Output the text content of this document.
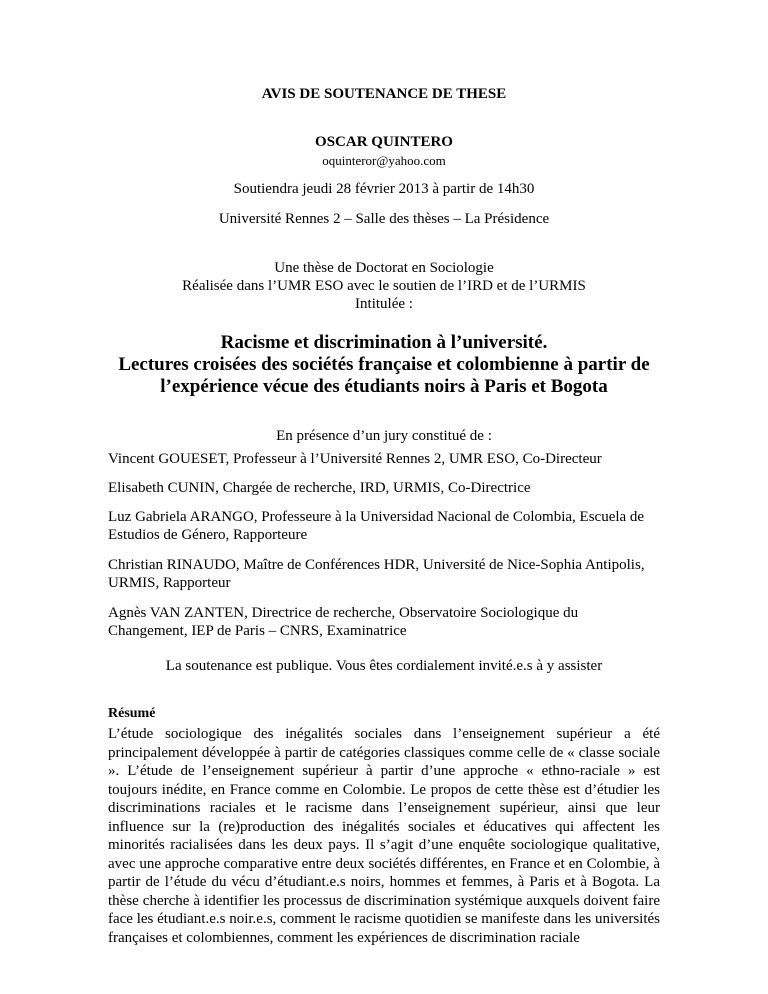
AVIS DE SOUTENANCE DE THESE
OSCAR QUINTERO
oquinteror@yahoo.com
Soutiendra jeudi 28 février 2013 à partir de 14h30
Université Rennes 2 – Salle des thèses – La Présidence
Une thèse de Doctorat en Sociologie
Réalisée dans l’UMR ESO avec le soutien de l’IRD et de l’URMIS
Intitulée :
Racisme et discrimination à l’université.
Lectures croisées des sociétés française et colombienne à partir de
l’expérience vécue des étudiants noirs à Paris et Bogota
En présence d’un jury constitué de :
Vincent GOUESET, Professeur à l’Université Rennes 2, UMR ESO, Co-Directeur
Elisabeth CUNIN, Chargée de recherche, IRD, URMIS, Co-Directrice
Luz Gabriela ARANGO, Professeure à la Universidad Nacional de Colombia, Escuela de Estudios de Género, Rapporteure
Christian RINAUDO, Maître de Conférences HDR, Université de Nice-Sophia Antipolis, URMIS, Rapporteur
Agnès VAN ZANTEN, Directrice de recherche, Observatoire Sociologique du Changement, IEP de Paris – CNRS, Examinatrice
La soutenance est publique. Vous êtes cordialement invité.e.s à y assister
Résumé
L’étude sociologique des inégalités sociales dans l’enseignement supérieur a été principalement développée à partir de catégories classiques comme celle de « classe sociale ». L’étude de l’enseignement supérieur à partir d’une approche « ethno-raciale » est toujours inédite, en France comme en Colombie. Le propos de cette thèse est d’étudier les discriminations raciales et le racisme dans l’enseignement supérieur, ainsi que leur influence sur la (re)production des inégalités sociales et éducatives qui affectent les minorités racialisées dans les deux pays. Il s’agit d’une enquête sociologique qualitative, avec une approche comparative entre deux sociétés différentes, en France et en Colombie, à partir de l’étude du vécu d’étudiant.e.s noirs, hommes et femmes, à Paris et à Bogota. La thèse cherche à identifier les processus de discrimination systémique auxquels doivent faire face les étudiant.e.s noir.e.s, comment le racisme quotidien se manifeste dans les universités françaises et colombiennes, comment les expériences de discrimination raciale
